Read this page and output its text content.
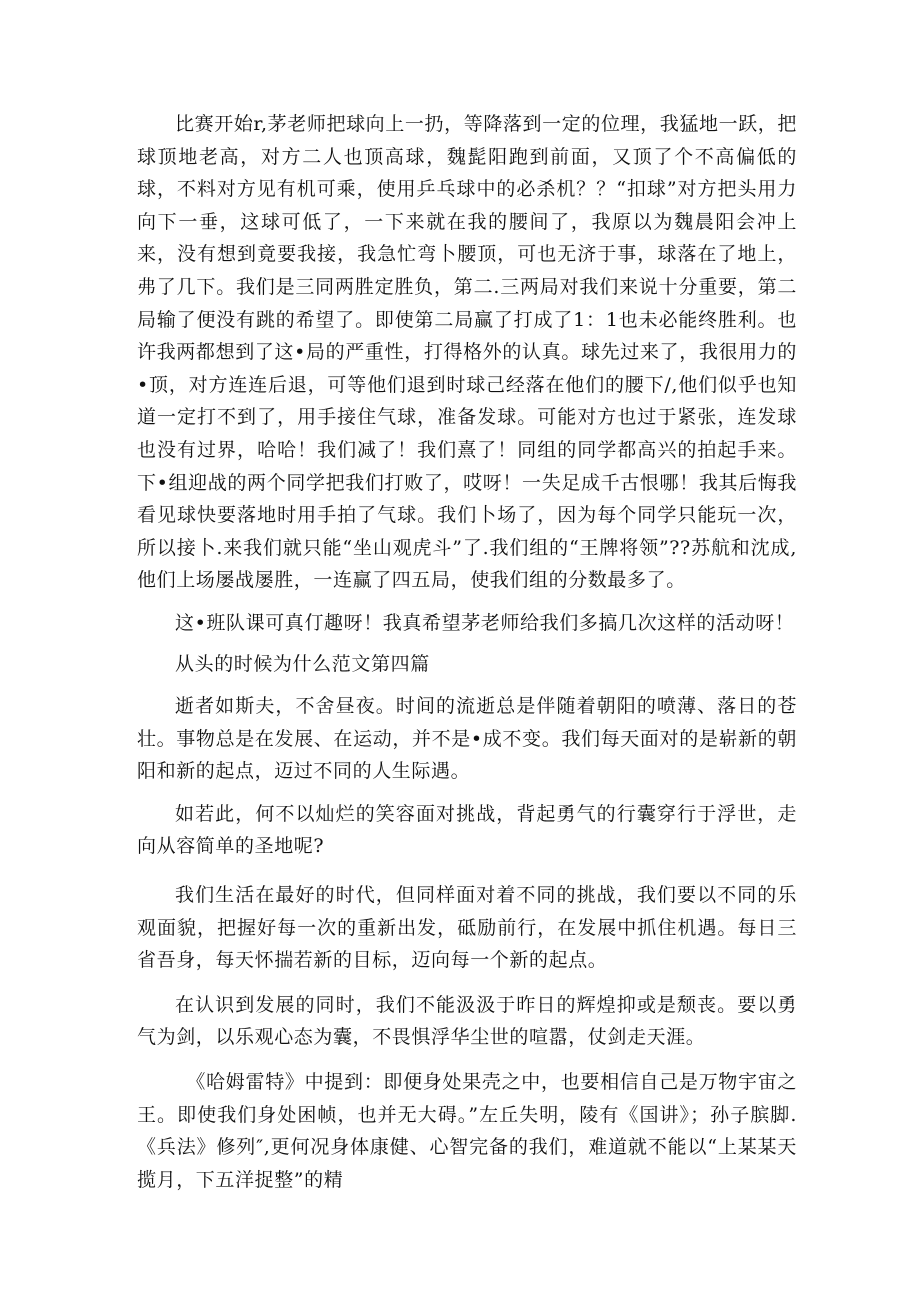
比赛开始r,茅老师把球向上一扔，等降落到一定的位理，我猛地一跃，把球顶地老高，对方二人也顶高球，魏髭阳跑到前面，又顶了个不高偏低的球，不料对方见有机可乘，使用乒乓球中的必杀机？？“扣球”对方把头用力向下一垂，这球可低了，一下来就在我的腰间了，我原以为魏晨阳会冲上来，没有想到竟要我接，我急忙弯卜腰顶，可也无济于事，球落在了地上，弗了几下。我们是三同两胜定胜负，第二.三两局对我们来说十分重要，第二局输了便没有跳的希望了。即使第二局赢了打成了1：1也未必能终胜利。也许我两都想到了这•局的严重性，打得格外的认真。球先过来了，我很用力的•顶，对方连连后退，可等他们退到时球己经落在他们的腰下/,他们似乎也知道一定打不到了，用手接住气球，准备发球。可能对方也过于紧张，连发球也没有过界，哈哈！我们减了！我们熹了！同组的同学都高兴的拍起手来。下•组迎战的两个同学把我们打败了，哎呀！一失足成千古恨哪！我其后悔我看见球快要落地时用手拍了气球。我们卜场了，因为每个同学只能玩一次，所以接卜.来我们就只能“坐山观虎斗”了.我们组的“王牌将领”??苏航和沈成,他们上场屡战屡胜，一连赢了四五局，使我们组的分数最多了。

这•班队课可真仃趣呀！我真希望茅老师给我们多搞几次这样的活动呀！

从头的时候为什么范文第四篇

逝者如斯夫，不舍昼夜。时间的流逝总是伴随着朝阳的喷薄、落日的苍壮。事物总是在发展、在运动，并不是•成不变。我们每天面对的是崭新的朝阳和新的起点，迈过不同的人生际遇。

如若此，何不以灿烂的笑容面对挑战，背起勇气的行囊穿行于浮世，走向从容简单的圣地呢?

我们生活在最好的时代，但同样面对着不同的挑战，我们要以不同的乐观面貌，把握好每一次的重新出发，砥励前行，在发展中抓住机遇。每日三省吾身，每天怀揣若新的目标，迈向每一个新的起点。

在认识到发展的同时，我们不能汲汲于昨日的辉煌抑或是颓丧。要以勇气为剑，以乐观心态为囊，不畏惧浮华尘世的喧嚣，仗剑走天涯。

《哈姆雷特》中提到：即便身处果壳之中，也要相信自己是万物宇宙之王。即使我们身处困帧，也并无大碍。”左丘失明，陵有《国讲》；孙子膑脚.《兵法》修列″,更何况身体康健、心智完备的我们，难道就不能以“上某某天揽月，下五洋捉整”的精
